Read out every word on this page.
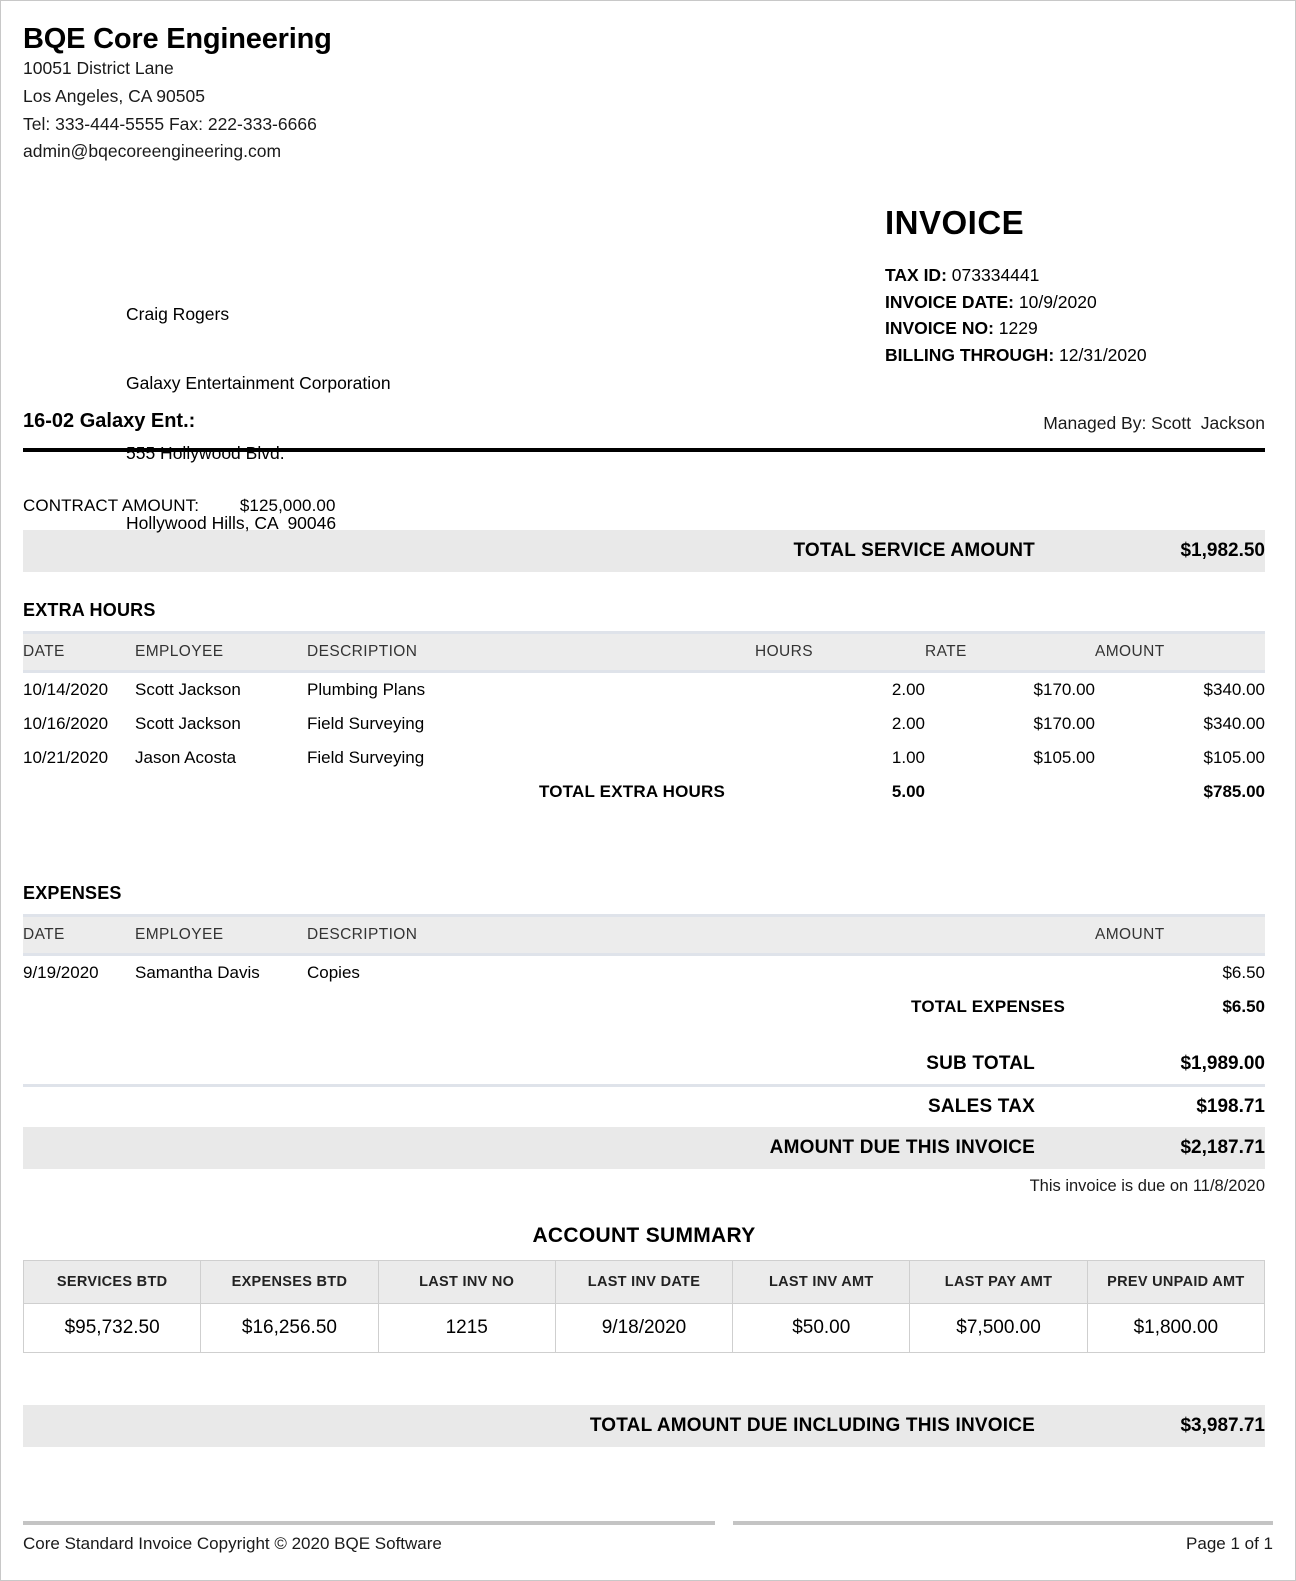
BQE Core Engineering
10051 District Lane
Los Angeles, CA 90505
Tel: 333-444-5555 Fax: 222-333-6666
admin@bqecoreengineering.com
INVOICE
TAX ID: 073334441
INVOICE DATE: 10/9/2020
INVOICE NO: 1229
BILLING THROUGH: 12/31/2020

Craig Rogers

Galaxy Entertainment Corporation

555 Hollywood Blvd.

Hollywood Hills, CA  90046

16-02 Galaxy Ent.:	Managed By: Scott  Jackson
CONTRACT AMOUNT: $125,000.00
TOTAL SERVICE AMOUNT	$1,982.50
EXTRA HOURS
DATE	EMPLOYEE	DESCRIPTION	HOURS	RATE	AMOUNT
10/14/2020	Scott Jackson	Plumbing Plans	2.00	$170.00	$340.00
10/16/2020	Scott Jackson	Field Surveying	2.00	$170.00	$340.00
10/21/2020	Jason Acosta	Field Surveying	1.00	$105.00	$105.00
TOTAL EXTRA HOURS			5.00		$785.00
EXPENSES
DATE	EMPLOYEE	DESCRIPTION	AMOUNT
9/19/2020	Samantha Davis	Copies	$6.50
TOTAL EXPENSES			$6.50
SUB TOTAL	$1,989.00
SALES TAX	$198.71
AMOUNT DUE THIS INVOICE	$2,187.71
This invoice is due on 11/8/2020
ACCOUNT SUMMARY
SERVICES BTD	EXPENSES BTD	LAST INV NO	LAST INV DATE	LAST INV AMT	LAST PAY AMT	PREV UNPAID AMT
$95,732.50	$16,256.50	1215	9/18/2020	$50.00	$7,500.00	$1,800.00
TOTAL AMOUNT DUE INCLUDING THIS INVOICE	$3,987.71
Core Standard Invoice Copyright © 2020 BQE Software	Page 1 of 1
